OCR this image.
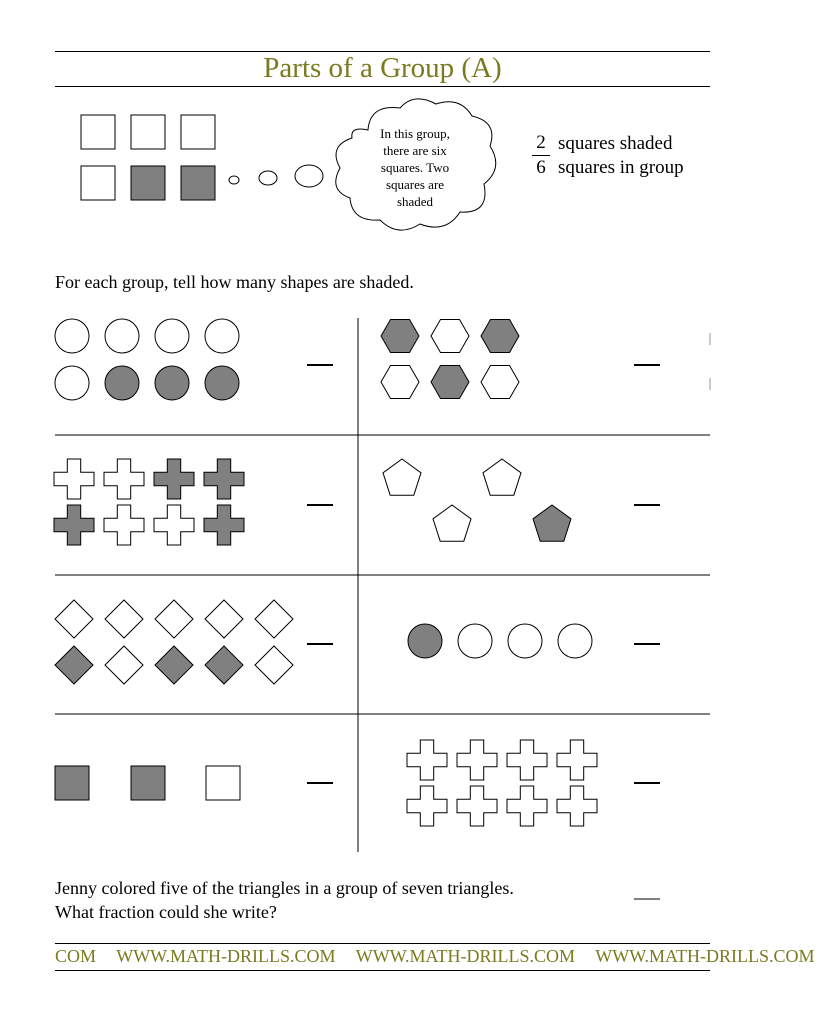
Parts of a Group (A)
2
6
squares shaded
squares in group
For each group, tell how many shapes are shaded.
Jenny colored five of the triangles in a group of seven triangles.
What fraction could she write?
COM WWW.MATH-DRILLS.COM WWW.MATH-DRILLS.COM WWW.MATH-DRILLS.COM
In this group,
there are six
squares. Two
squares are
shaded
